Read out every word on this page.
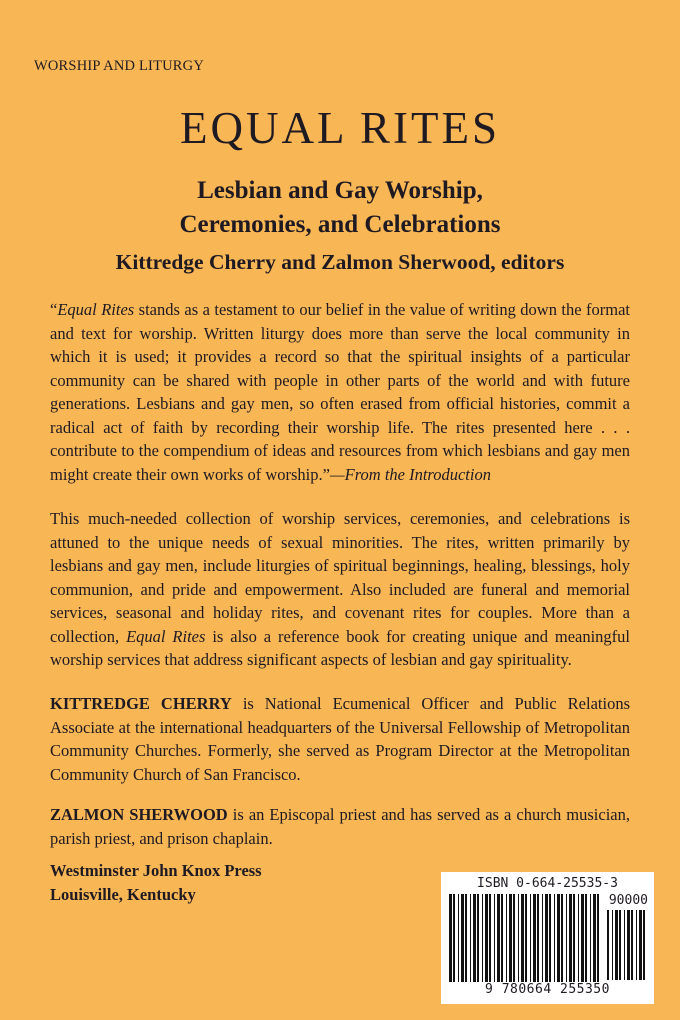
WORSHIP AND LITURGY
EQUAL RITES
Lesbian and Gay Worship,
Ceremonies, and Celebrations
Kittredge Cherry and Zalmon Sherwood, editors
“Equal Rites stands as a testament to our belief in the value of writing down the format and text for worship. Written liturgy does more than serve the local community in which it is used; it provides a record so that the spiritual insights of a particular community can be shared with people in other parts of the world and with future generations. Lesbians and gay men, so often erased from official histories, commit a radical act of faith by recording their worship life. The rites presented here . . . contribute to the compendium of ideas and resources from which lesbians and gay men might create their own works of worship.”—From the Introduction
This much-needed collection of worship services, ceremonies, and celebrations is attuned to the unique needs of sexual minorities. The rites, written primarily by lesbians and gay men, include liturgies of spiritual beginnings, healing, blessings, holy communion, and pride and empowerment. Also included are funeral and memorial services, seasonal and holiday rites, and covenant rites for couples. More than a collection, Equal Rites is also a reference book for creating unique and meaningful worship services that address significant aspects of lesbian and gay spirituality.
KITTREDGE CHERRY is National Ecumenical Officer and Public Relations Associate at the international headquarters of the Universal Fellowship of Metropolitan Community Churches. Formerly, she served as Program Director at the Metropolitan Community Church of San Francisco.
ZALMON SHERWOOD is an Episcopal priest and has served as a church musician, parish priest, and prison chaplain.
Westminster John Knox Press
Louisville, Kentucky
ISBN 0-664-25535-3
90000
9 780664 255350
